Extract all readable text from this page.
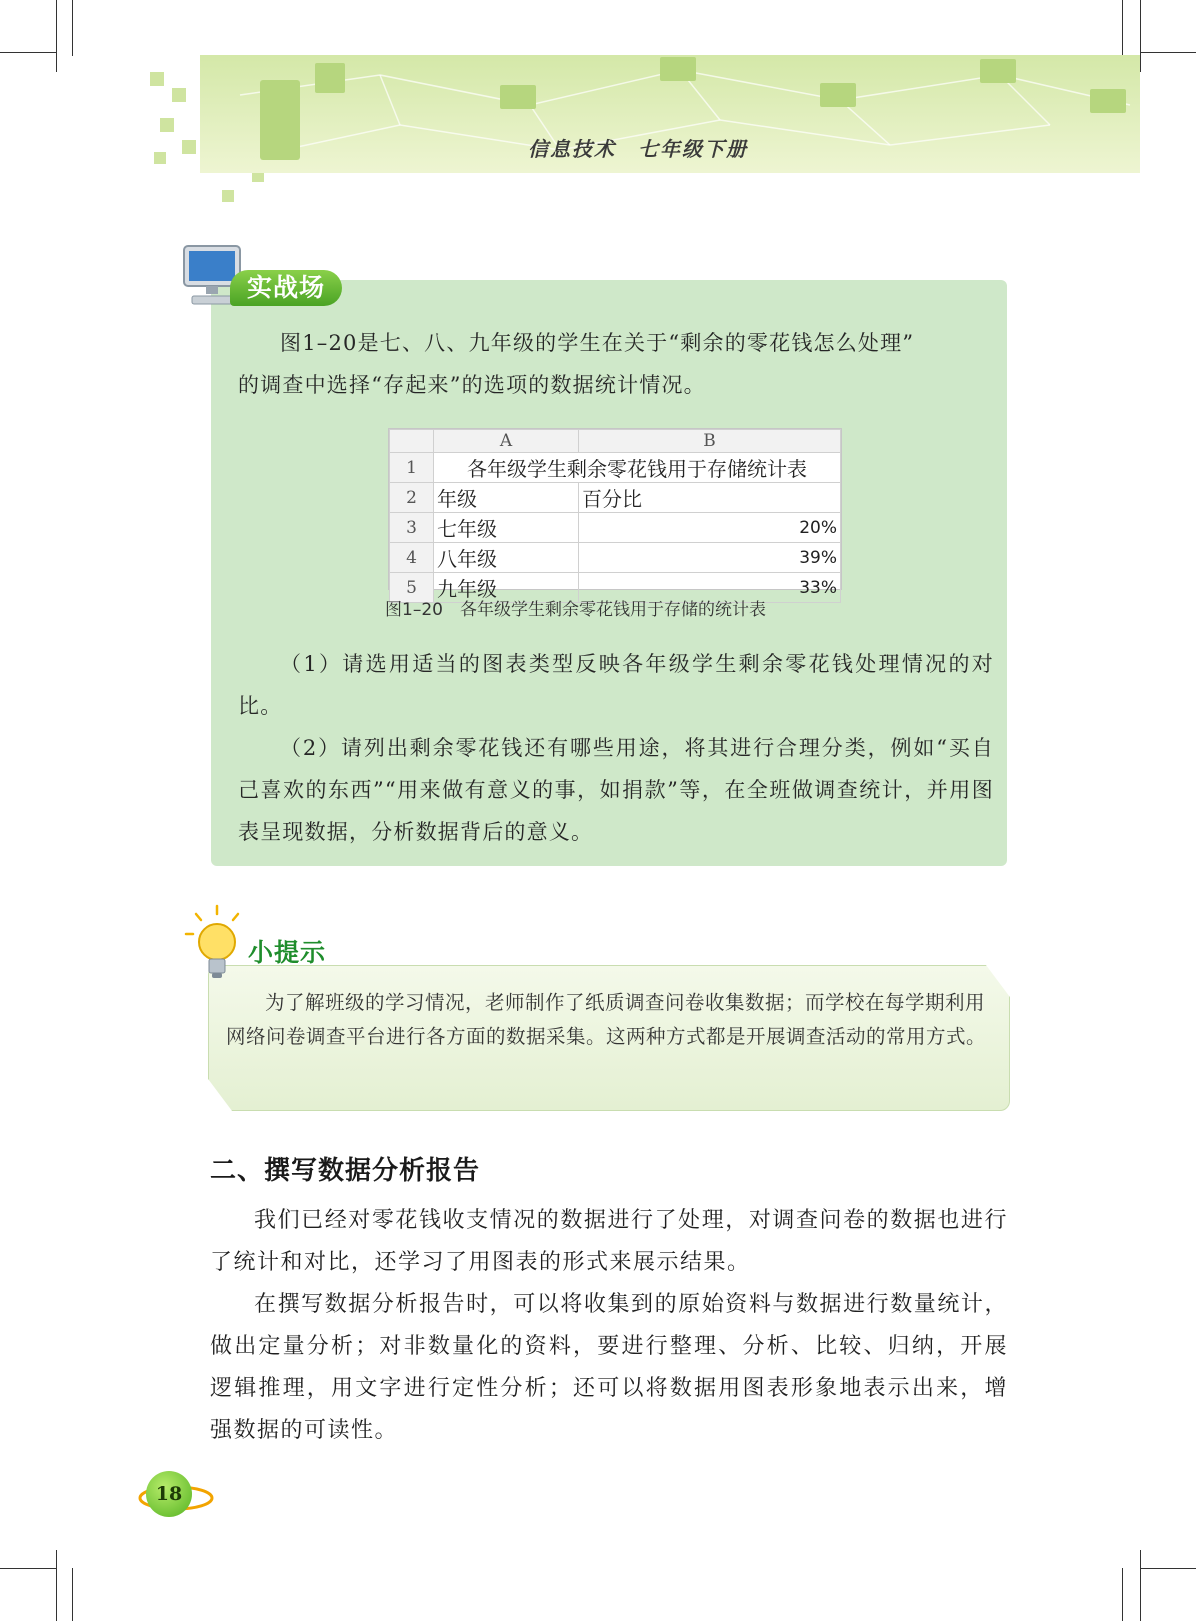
信息技术　七年级下册
实战场

图1–20是七、八、九年级的学生在关于“剩余的零花钱怎么处理”

的调查中选择“存起来”的选项的数据统计情况。

	A	B
1	各年级学生剩余零花钱用于存储统计表	
2	年级	百分比
3	七年级	20%
4	八年级	39%
5	九年级	33%
图1–20　各年级学生剩余零花钱用于存储的统计表

（1）请选用适当的图表类型反映各年级学生剩余零花钱处理情况的对比。

（2）请列出剩余零花钱还有哪些用途，将其进行合理分类，例如“买自己喜欢的东西”“用来做有意义的事，如捐款”等，在全班做调查统计，并用图表呈现数据，分析数据背后的意义。

小提示

为了解班级的学习情况，老师制作了纸质调查问卷收集数据；而学校在每学期利用网络问卷调查平台进行各方面的数据采集。这两种方式都是开展调查活动的常用方式。

二、撰写数据分析报告

我们已经对零花钱收支情况的数据进行了处理，对调查问卷的数据也进行了统计和对比，还学习了用图表的形式来展示结果。

在撰写数据分析报告时，可以将收集到的原始资料与数据进行数量统计，做出定量分析；对非数量化的资料，要进行整理、分析、比较、归纳，开展逻辑推理，用文字进行定性分析；还可以将数据用图表形象地表示出来，增强数据的可读性。

18
